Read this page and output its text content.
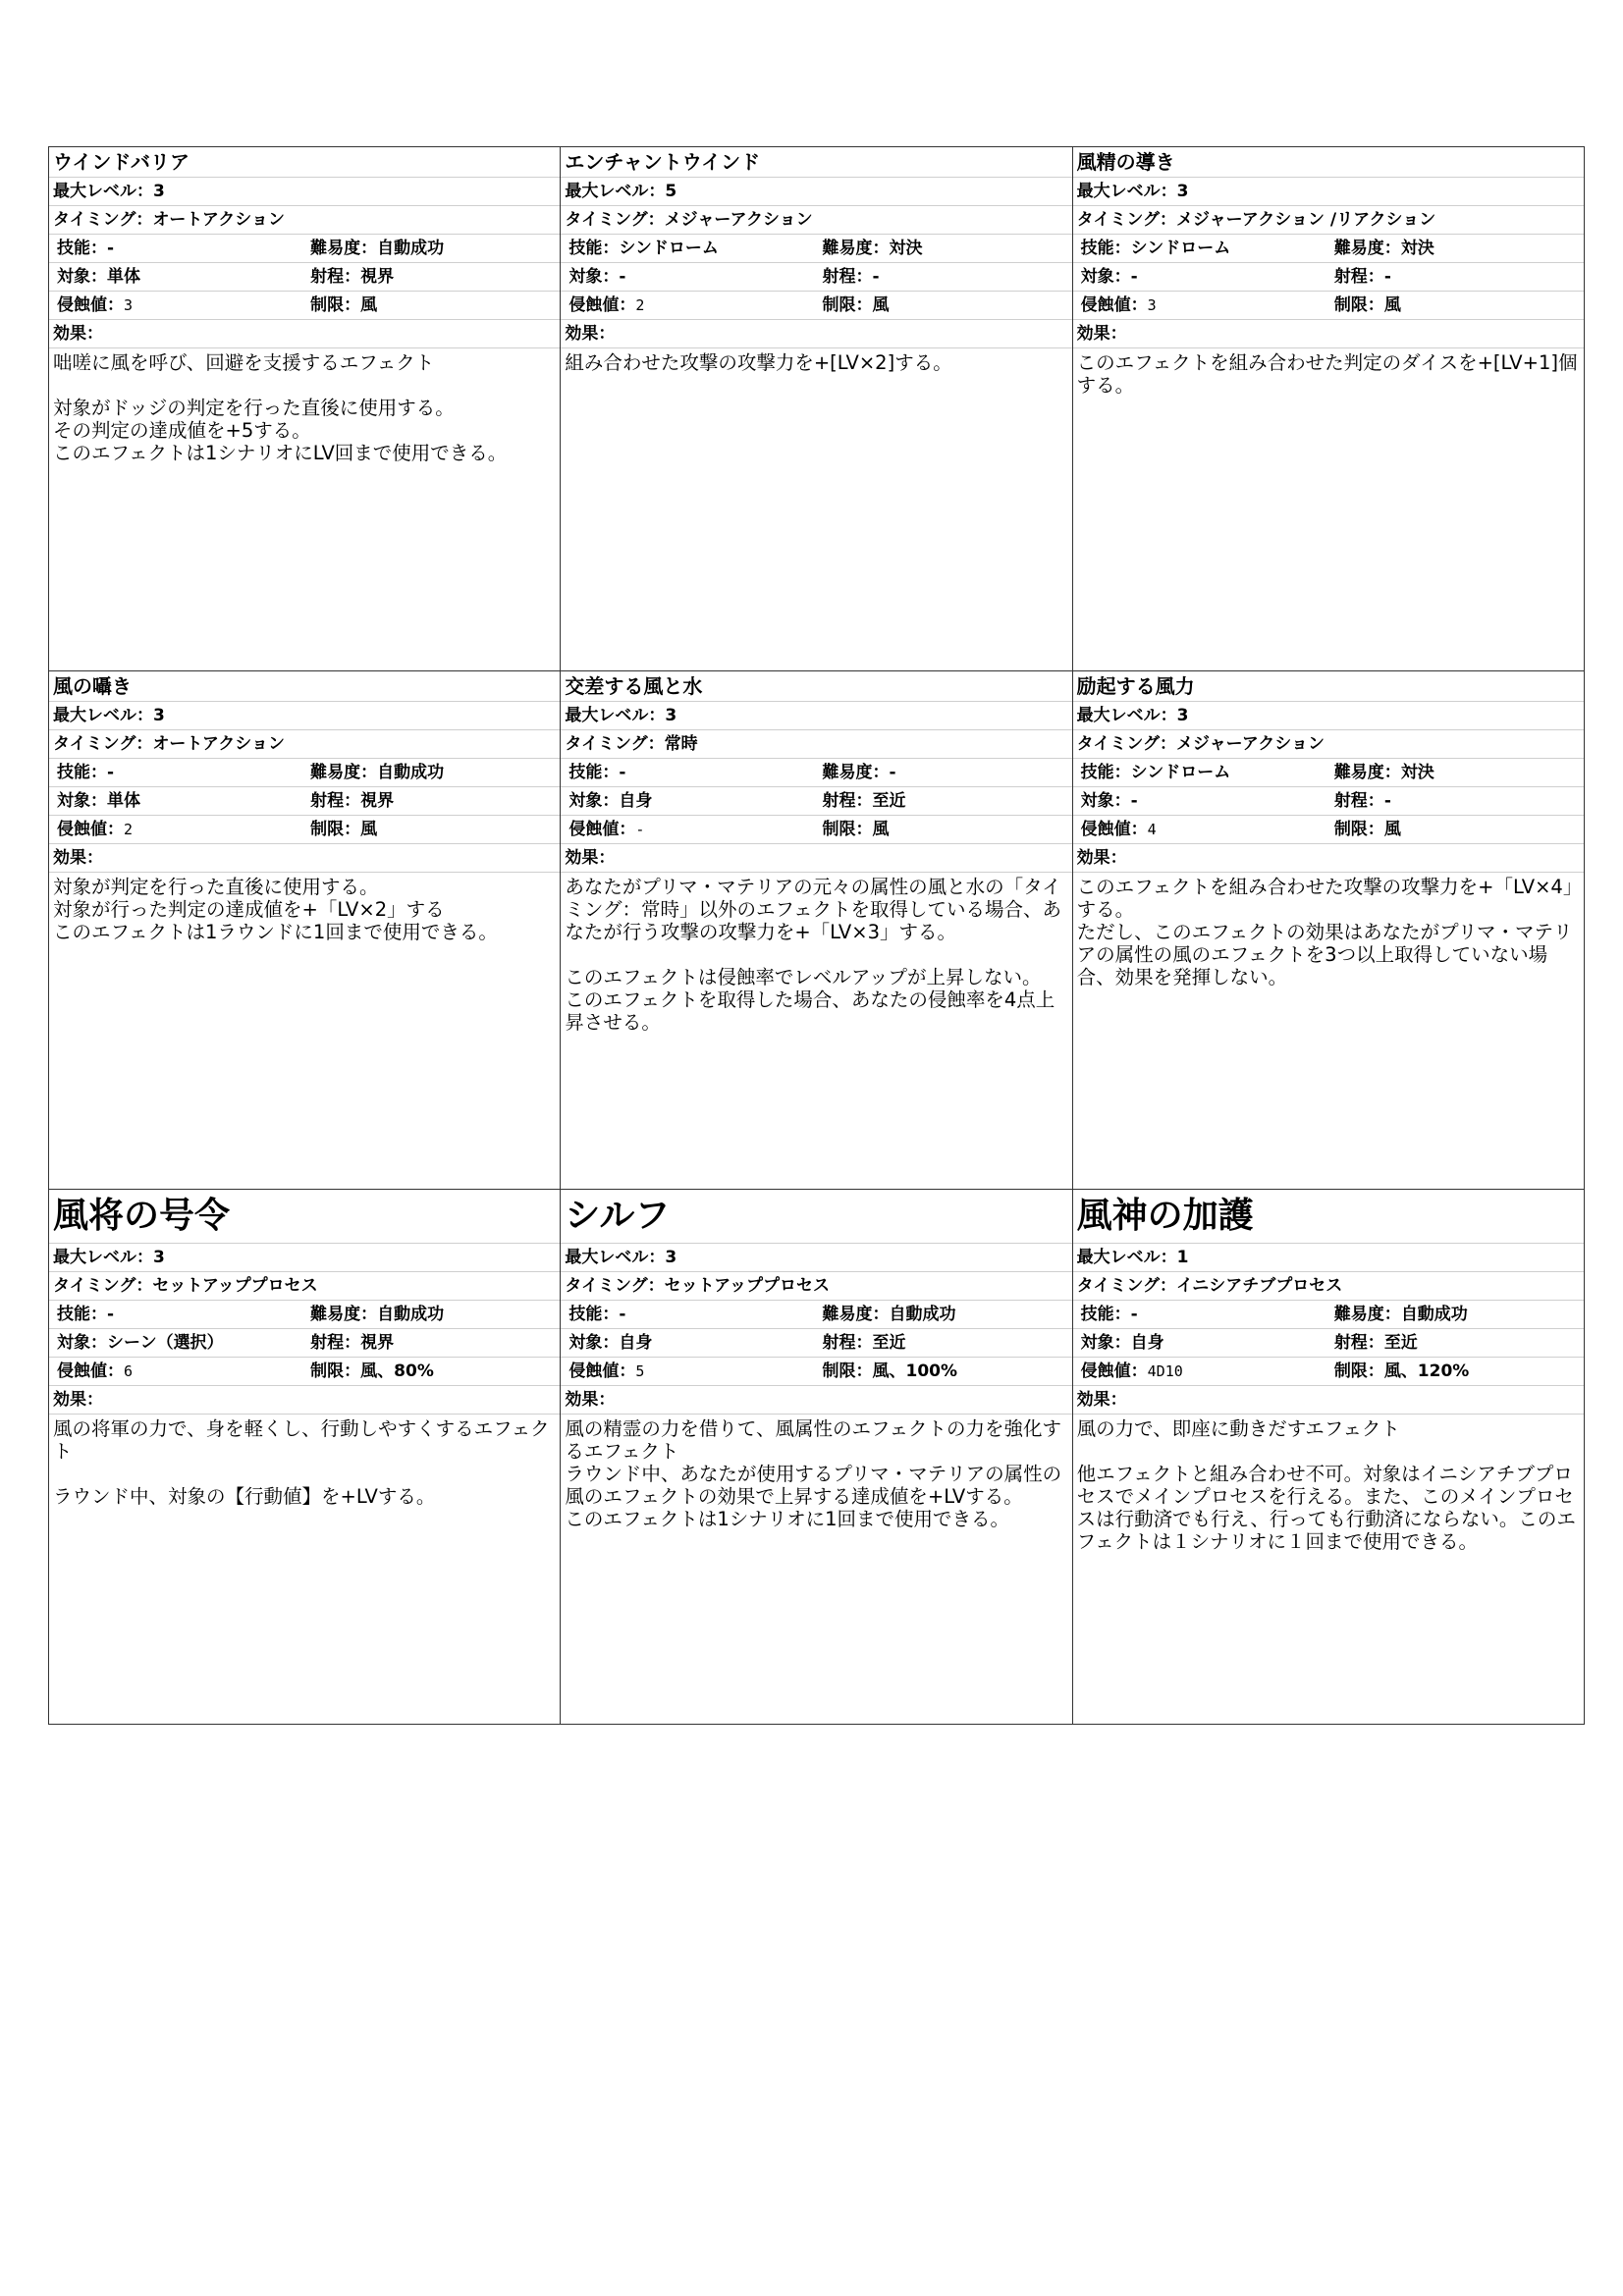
ウインドバリア
最大レベル：3
タイミング：オートアクション
技能：-	難易度：自動成功
対象：単体	射程：視界
侵蝕値：3	制限：風
効果：
咄嗟に風を呼び、回避を支援するエフェクト

対象がドッジの判定を行った直後に使用する。
その判定の達成値を+5する。
このエフェクトは1シナリオにLV回まで使用できる。
エンチャントウインド
最大レベル：5
タイミング：メジャーアクション
技能：シンドローム	難易度：対決
対象：-	射程：-
侵蝕値：2	制限：風
効果：
組み合わせた攻撃の攻撃力を+[LV×2]する。
風精の導き
最大レベル：3
タイミング：メジャーアクション /リアクション
技能：シンドローム	難易度：対決
対象：-	射程：-
侵蝕値：3	制限：風
効果：
このエフェクトを組み合わせた判定のダイスを+[LV+1]個する。
風の囁き
最大レベル：3
タイミング：オートアクション
技能：-	難易度：自動成功
対象：単体	射程：視界
侵蝕値：2	制限：風
効果：
対象が判定を行った直後に使用する。
対象が行った判定の達成値を+「LV×2」する
このエフェクトは1ラウンドに1回まで使用できる。
交差する風と水
最大レベル：3
タイミング：常時
技能：-	難易度：-
対象：自身	射程：至近
侵蝕値：-	制限：風
効果：
あなたがプリマ・マテリアの元々の属性の風と水の「タイミング：常時」以外のエフェクトを取得している場合、あなたが行う攻撃の攻撃力を+「LV×3」する。

このエフェクトは侵蝕率でレベルアップが上昇しない。
このエフェクトを取得した場合、あなたの侵蝕率を4点上昇させる。
励起する風力
最大レベル：3
タイミング：メジャーアクション
技能：シンドローム	難易度：対決
対象：-	射程：-
侵蝕値：4	制限：風
効果：
このエフェクトを組み合わせた攻撃の攻撃力を+「LV×4」する。
ただし、このエフェクトの効果はあなたがプリマ・マテリアの属性の風のエフェクトを3つ以上取得していない場合、効果を発揮しない。
風将の号令
最大レベル：3
タイミング：セットアッププロセス
技能：-	難易度：自動成功
対象：シーン（選択）	射程：視界
侵蝕値：6	制限：風、80%
効果：
風の将軍の力で、身を軽くし、行動しやすくするエフェクト

ラウンド中、対象の【行動値】を+LVする。
シルフ
最大レベル：3
タイミング：セットアッププロセス
技能：-	難易度：自動成功
対象：自身	射程：至近
侵蝕値：5	制限：風、100%
効果：
風の精霊の力を借りて、風属性のエフェクトの力を強化するエフェクト
ラウンド中、あなたが使用するプリマ・マテリアの属性の風のエフェクトの効果で上昇する達成値を+LVする。
このエフェクトは1シナリオに1回まで使用できる。
風神の加護
最大レベル：1
タイミング：イニシアチブプロセス
技能：-	難易度：自動成功
対象：自身	射程：至近
侵蝕値：4D10	制限：風、120%
効果：
風の力で、即座に動きだすエフェクト

他エフェクトと組み合わせ不可。対象はイニシアチブプロセスでメインプロセスを行える。また、このメインプロセスは行動済でも行え、行っても行動済にならない。このエフェクトは１シナリオに１回まで使用できる。
